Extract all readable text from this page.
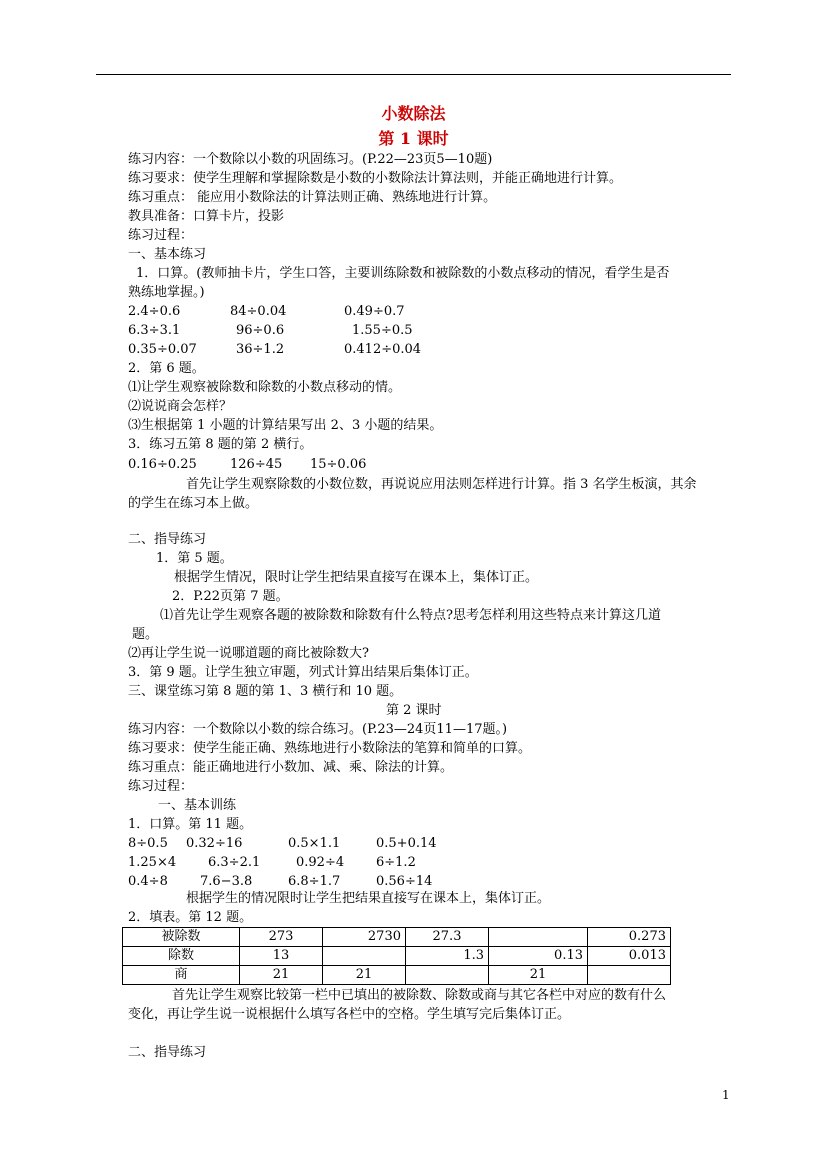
小数除法
第 1 课时
练习内容：一个数除以小数的巩固练习。(P.22—23页5—10题)
练习要求：使学生理解和掌握除数是小数的小数除法计算法则，并能正确地进行计算。
练习重点： 能应用小数除法的计算法则正确、熟练地进行计算。
教具准备：口算卡片，投影
练习过程：
一、基本练习
1．口算。(教师抽卡片，学生口答，主要训练除数和被除数的小数点移动的情况，看学生是否
熟练地掌握。)
2.4÷0.6	84÷0.04	0.49÷0.7
6.3÷3.1	96÷0.6	1.55÷0.5
0.35÷0.07	36÷1.2	0.412÷0.04
2．第 6 题。
⑴让学生观察被除数和除数的小数点移动的情。
⑵说说商会怎样？
⑶生根据第 1 小题的计算结果写出 2、3 小题的结果。
3．练习五第 8 题的第 2 横行。
0.16÷0.25	126÷45 15÷0.06
首先让学生观察除数的小数位数，再说说应用法则怎样进行计算。指 3 名学生板演，其余
的学生在练习本上做。
二、指导练习
1．第 5 题。
根据学生情况，限时让学生把结果直接写在课本上，集体订正。
2．P.22页第 7 题。
⑴首先让学生观察各题的被除数和除数有什么特点?思考怎样利用这些特点来计算这几道
题。
⑵再让学生说一说哪道题的商比被除数大?
3．第 9 题。让学生独立审题，列式计算出结果后集体订正。
三、课堂练习第 8 题的第 1、3 横行和 10 题。
第 2 课时
练习内容：一个数除以小数的综合练习。(P.23—24页11—17题。)
练习要求：使学生能正确、熟练地进行小数除法的笔算和简单的口算。
练习重点：能正确地进行小数加、减、乘、除法的计算。
练习过程：
一、基本训练
1．口算。第 11 题。
8÷0.5 0.32÷16	0.5×1.1	0.5+0.14
1.25×4 6.3÷2.1	0.92÷4 6÷1.2
0.4÷8 7.6−3.8	6.8÷1.7	0.56÷14
根据学生的情况限时让学生把结果直接写在课本上，集体订正。
2．填表。第 12 题。
被除数	273	2730	27.3		0.273
除数	13		1.3	0.13	0.013
商	21	21		21	
首先让学生观察比较第一栏中已填出的被除数、除数或商与其它各栏中对应的数有什么
变化，再让学生说一说根据什么填写各栏中的空格。学生填写完后集体订正。
二、指导练习
1
